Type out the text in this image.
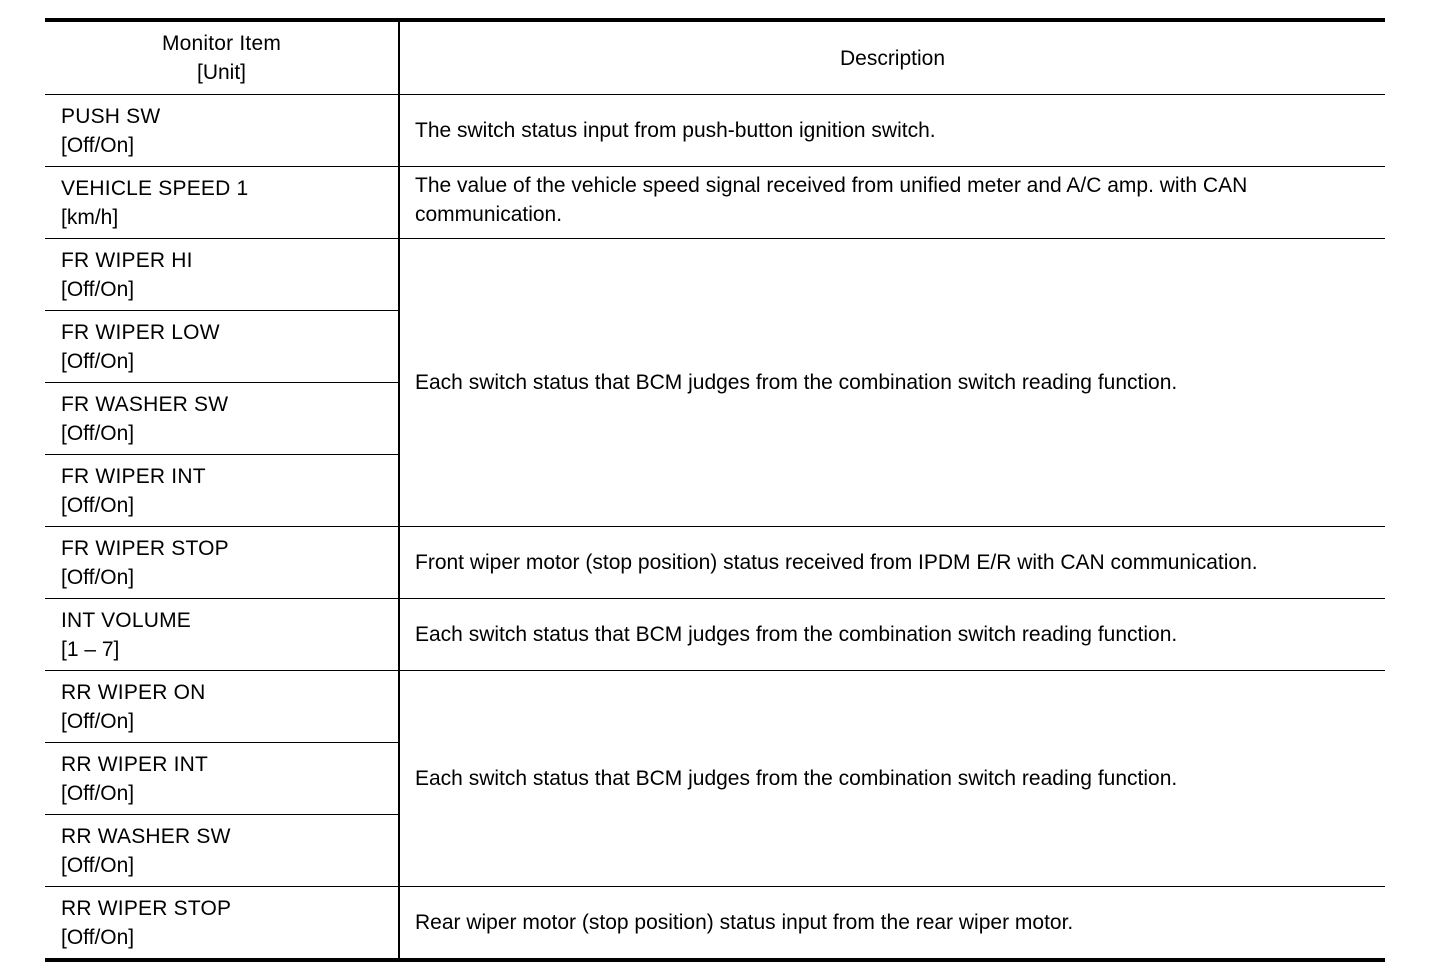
Monitor Item
[Unit]	Description

PUSH SW
[Off/On]	The switch status input from push-button ignition switch.

VEHICLE SPEED 1
[km/h]	The value of the vehicle speed signal received from unified meter and A/C amp. with CAN communication.

FR WIPER HI
[Off/On]	Each switch status that BCM judges from the combination switch reading function.

FR WIPER LOW
[Off/On]	

FR WASHER SW
[Off/On]	

FR WIPER INT
[Off/On]	

FR WIPER STOP
[Off/On]	Front wiper motor (stop position) status received from IPDM E/R with CAN communication.

INT VOLUME
[1 – 7]	Each switch status that BCM judges from the combination switch reading function.

RR WIPER ON
[Off/On]	Each switch status that BCM judges from the combination switch reading function.

RR WIPER INT
[Off/On]	

RR WASHER SW
[Off/On]	

RR WIPER STOP
[Off/On]	Rear wiper motor (stop position) status input from the rear wiper motor.
